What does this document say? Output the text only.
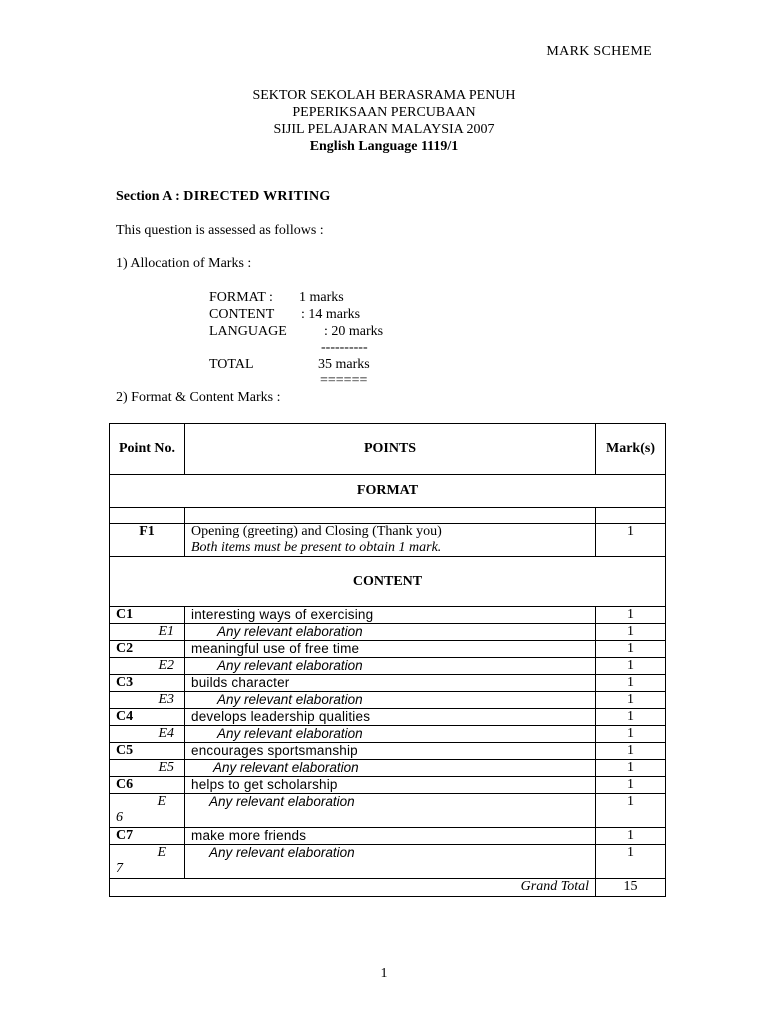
MARK SCHEME
SEKTOR SEKOLAH BERASRAMA PENUH
PEPERIKSAAN PERCUBAAN
SIJIL PELAJARAN MALAYSIA 2007
English Language 1119/1
Section A : DIRECTED WRITING
This question is assessed as follows :
1) Allocation of Marks :
FORMAT : 1 marks
CONTENT : 14 marks
LANGUAGE	: 20 marks
----------
TOTAL	35 marks
======
2) Format & Content Marks :
Point No.	POINTS	Mark(s)
FORMAT		

F1	Opening (greeting) and Closing (Thank you)
Both items must be present to obtain 1 mark.	1
CONTENT		
C1	interesting ways of exercising	1
E1	Any relevant elaboration	1
C2	meaningful use of free time	1
E2	Any relevant elaboration	1
C3	builds character	1
E3	Any relevant elaboration	1
C4	develops leadership qualities	1
E4	Any relevant elaboration	1
C5	encourages sportsmanship	1
E5	Any relevant elaboration	1
C6	helps to get scholarship	1

E
6	Any relevant elaboration	1
C7	make more friends	1

E
7	Any relevant elaboration	1
Grand Total		15
1
